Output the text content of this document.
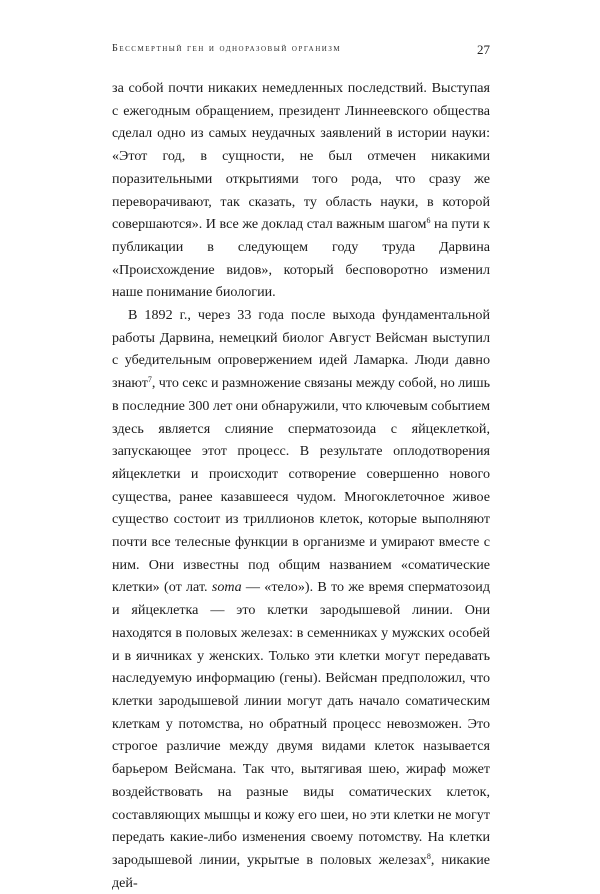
Бессмертный ген и одноразовый организм	27

за собой почти никаких немедленных последствий. Выступая с ежегодным обращением, президент Линнеевского общества сделал одно из самых неудачных заявлений в истории науки: «Этот год, в сущности, не был отмечен никакими поразительными открытиями того рода, что сразу же переворачивают, так сказать, ту область науки, в которой совершаются». И все же доклад стал важным шагом$^6$ на пути к публикации в следующем году труда Дарвина «Происхождение видов», который бесповоротно изменил наше понимание биологии.

В 1892 г., через 33 года после выхода фундаментальной работы Дарвина, немецкий биолог Август Вейсман выступил с убедительным опровержением идей Ламарка. Люди давно знают$^7$, что секс и размножение связаны между собой, но лишь в последние 300 лет они обнаружили, что ключевым событием здесь является слияние сперматозоида с яйцеклеткой, запускающее этот процесс. В результате оплодотворения яйцеклетки и происходит сотворение совершенно нового существа, ранее казавшееся чудом. Многоклеточное живое существо состоит из триллионов клеток, которые выполняют почти все телесные функции в организме и умирают вместе с ним. Они известны под общим названием «соматические клетки» (от лат. soma — «тело»). В то же время сперматозоид и яйцеклетка — это клетки зародышевой линии. Они находятся в половых железах: в семенниках у мужских особей и в яичниках у женских. Только эти клетки могут передавать наследуемую информацию (гены). Вейсман предположил, что клетки зародышевой линии могут дать начало соматическим клеткам у потомства, но обратный процесс невозможен. Это строгое различие между двумя видами клеток называется барьером Вейсмана. Так что, вытягивая шею, жираф может воздействовать на разные виды соматических клеток, составляющих мышцы и кожу его шеи, но эти клетки не могут передать какие-либо изменения своему потомству. На клетки зародышевой линии, укрытые в половых железах$^8$, никакие дей-
